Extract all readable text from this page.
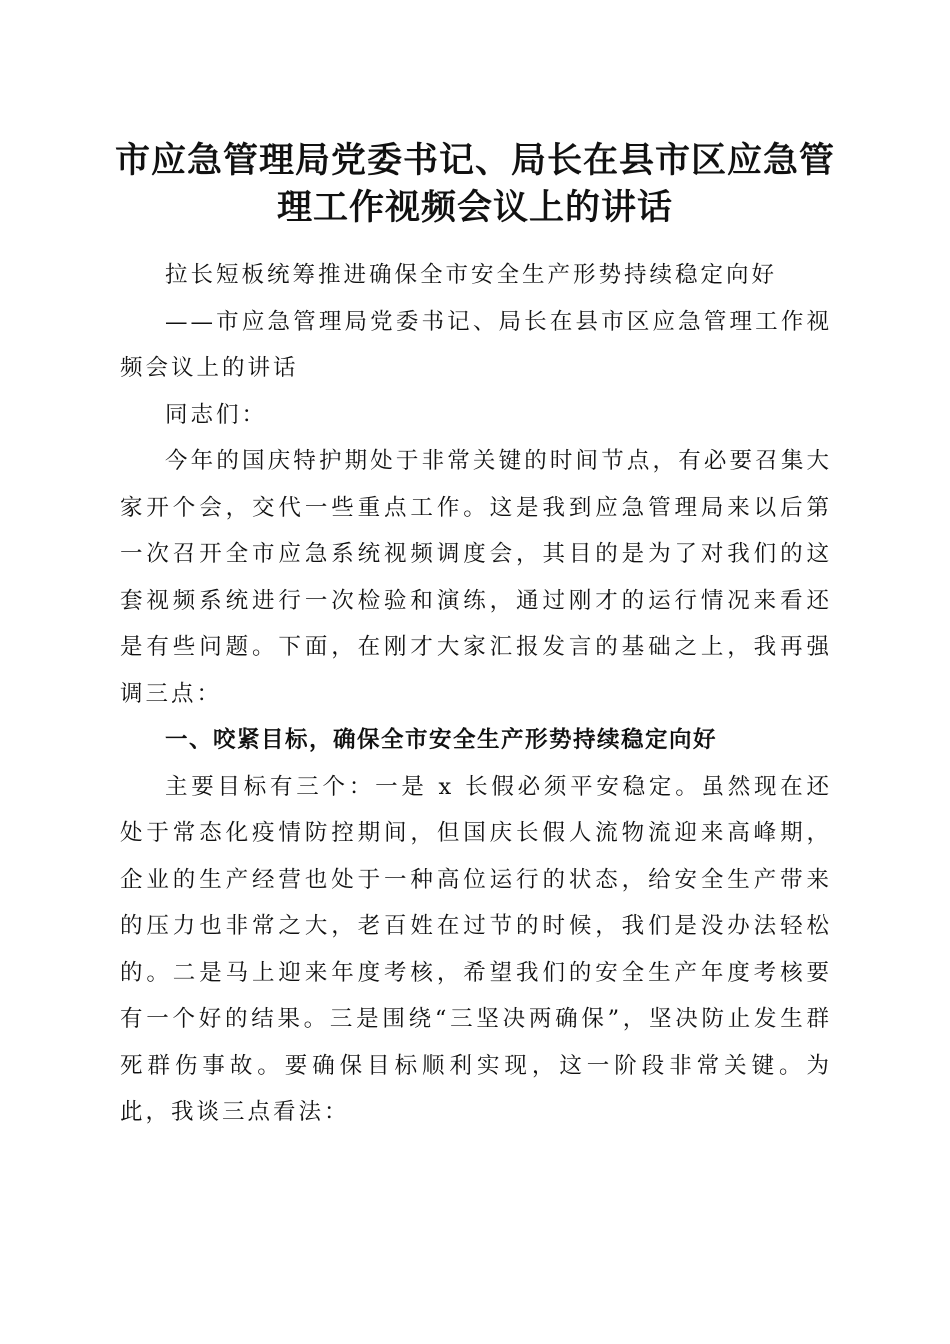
市应急管理局党委书记、局长在县市区应急管
理工作视频会议上的讲话

拉长短板统筹推进确保全市安全生产形势持续稳定向好

——市应急管理局党委书记、局长在县市区应急管理工作视频会议上的讲话

同志们：

今年的国庆特护期处于非常关键的时间节点，有必要召集大家开个会，交代一些重点工作。这是我到应急管理局来以后第一次召开全市应急系统视频调度会，其目的是为了对我们的这套视频系统进行一次检验和演练，通过刚才的运行情况来看还是有些问题。下面，在刚才大家汇报发言的基础之上，我再强调三点：

一、咬紧目标，确保全市安全生产形势持续稳定向好

主要目标有三个：一是 x 长假必须平安稳定。虽然现在还处于常态化疫情防控期间，但国庆长假人流物流迎来高峰期，企业的生产经营也处于一种高位运行的状态，给安全生产带来的压力也非常之大，老百姓在过节的时候，我们是没办法轻松的。二是马上迎来年度考核，希望我们的安全生产年度考核要有一个好的结果。三是围绕“三坚决两确保”，坚决防止发生群死群伤事故。要确保目标顺利实现，这一阶段非常关键。为此，我谈三点看法：
